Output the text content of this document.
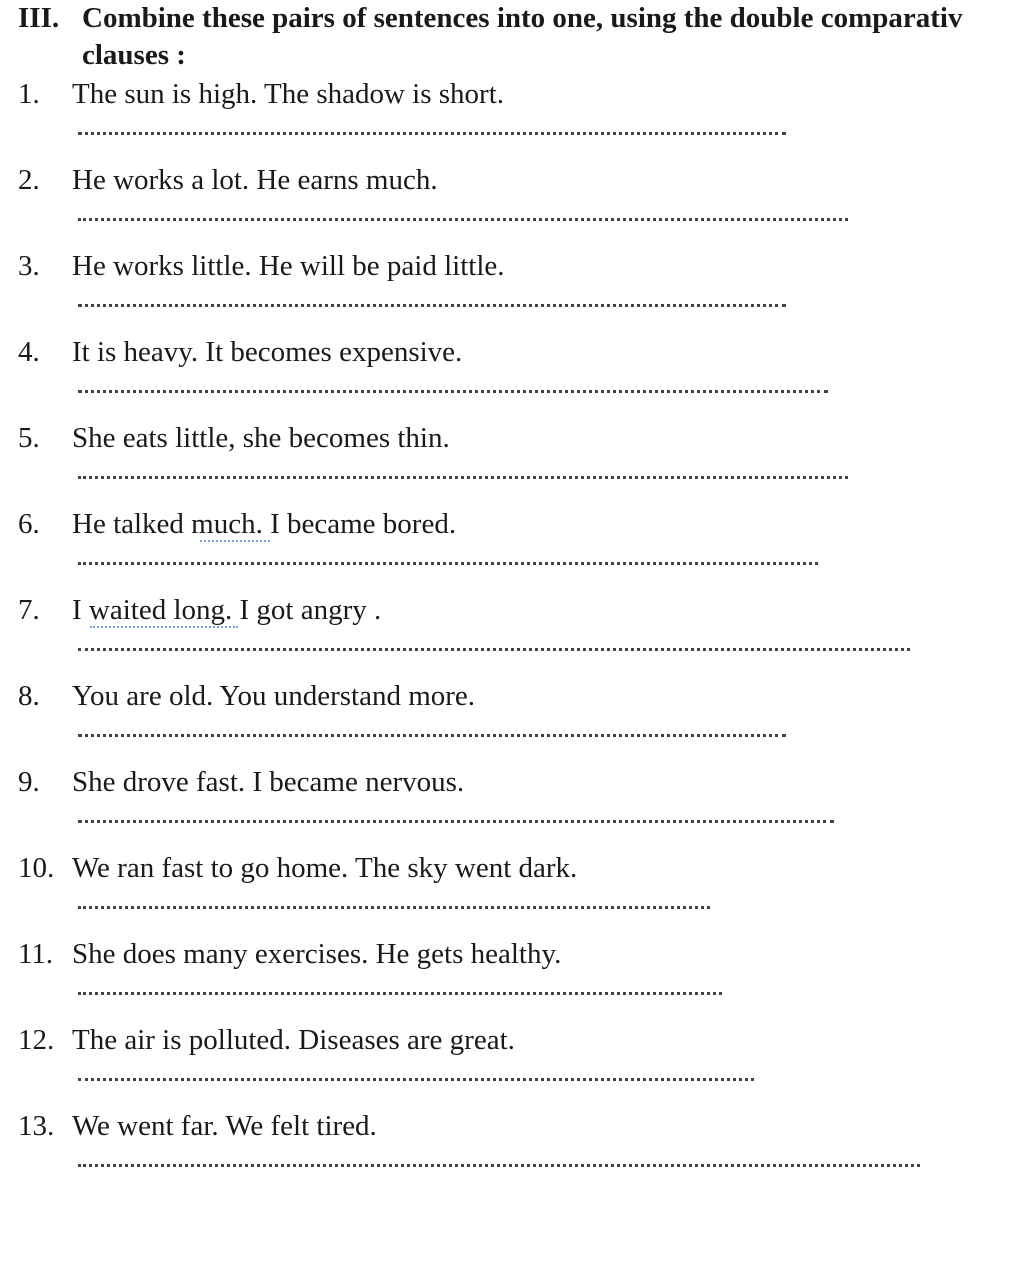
III. Combine these pairs of sentences into one, using the double comparativ
clauses :
1. The sun is high. The shadow is short.
2. He works a lot. He earns much.
3. He works little. He will be paid little.
4. It is heavy. It becomes expensive.
5. She eats little, she becomes thin.
6. He talked much. I became bored.
7. I waited long. I got angry .
8. You are old. You understand more.
9. She drove fast. I became nervous.
10. We ran fast to go home. The sky went dark.
11. She does many exercises. He gets healthy.
12. The air is polluted. Diseases are great.
13. We went far. We felt tired.
